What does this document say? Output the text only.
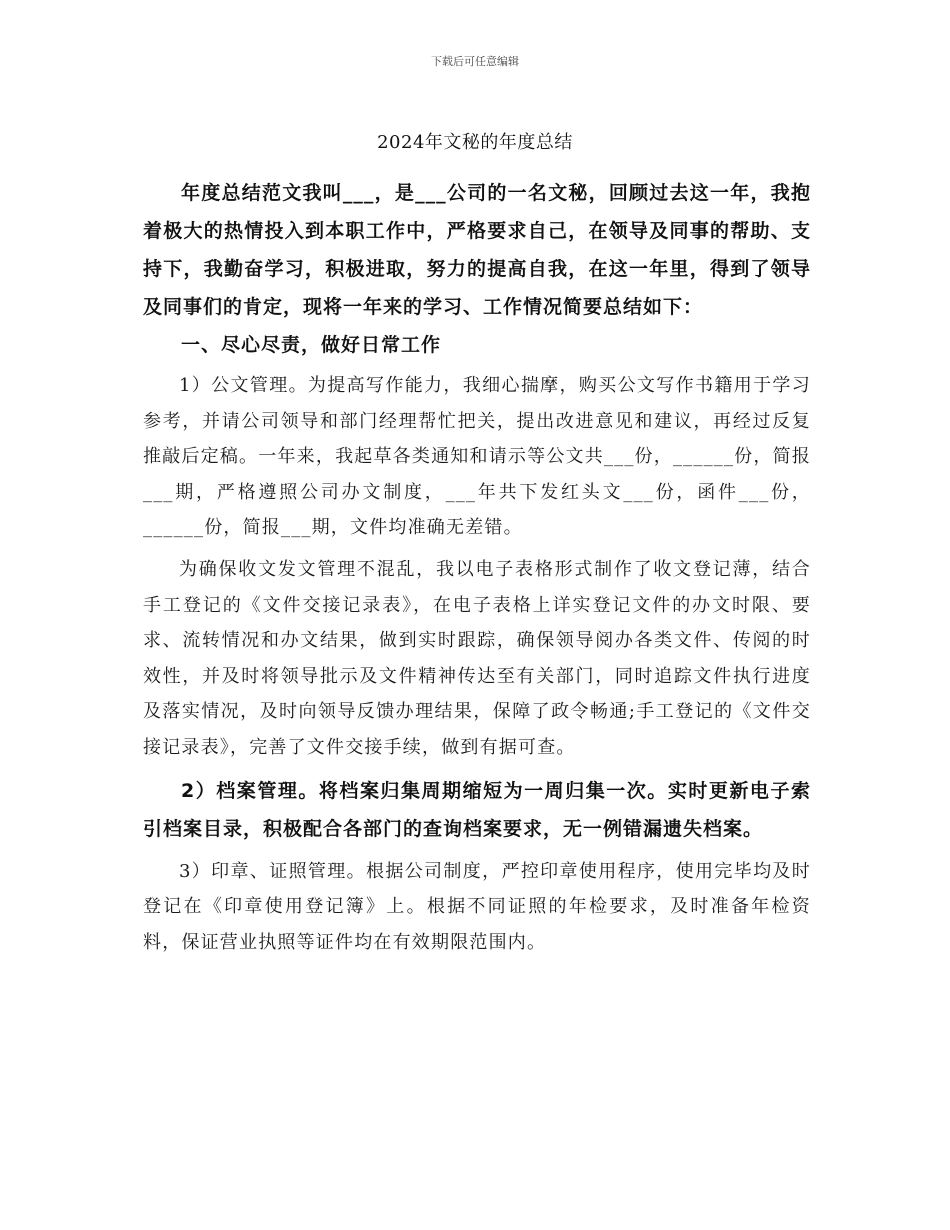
下载后可任意编辑
2024年文秘的年度总结

年度总结范文我叫___，是___公司的一名文秘，回顾过去这一年，我抱着极大的热情投入到本职工作中，严格要求自己，在领导及同事的帮助、支持下，我勤奋学习，积极进取，努力的提高自我，在这一年里，得到了领导及同事们的肯定，现将一年来的学习、工作情况简要总结如下：

一、尽心尽责，做好日常工作

1）公文管理。为提高写作能力，我细心揣摩，购买公文写作书籍用于学习参考，并请公司领导和部门经理帮忙把关，提出改进意见和建议，再经过反复推敲后定稿。一年来，我起草各类通知和请示等公文共___份，______份，简报___期，严格遵照公司办文制度，___年共下发红头文___份，函件___份，______份，简报___期，文件均准确无差错。

为确保收文发文管理不混乱，我以电子表格形式制作了收文登记薄，结合手工登记的《文件交接记录表》，在电子表格上详实登记文件的办文时限、要求、流转情况和办文结果，做到实时跟踪，确保领导阅办各类文件、传阅的时效性，并及时将领导批示及文件精神传达至有关部门，同时追踪文件执行进度及落实情况，及时向领导反馈办理结果，保障了政令畅通;手工登记的《文件交接记录表》，完善了文件交接手续，做到有据可查。

2）档案管理。将档案归集周期缩短为一周归集一次。实时更新电子索引档案目录，积极配合各部门的查询档案要求，无一例错漏遗失档案。

3）印章、证照管理。根据公司制度，严控印章使用程序，使用完毕均及时登记在《印章使用登记簿》上。根据不同证照的年检要求，及时准备年检资料，保证营业执照等证件均在有效期限范围内。
